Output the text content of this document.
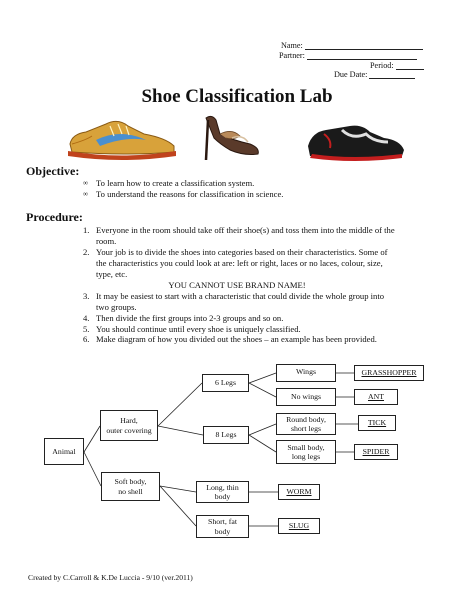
Name:
Partner:
Period:
Due Date:
Shoe Classification Lab
Objective:
∞ To learn how to create a classification system.
∞ To understand the reasons for classification in science.
Procedure:
1. Everyone in the room should take off their shoe(s) and toss them into the middle of the
room.
2. Your job is to divide the shoes into categories based on their characteristics. Some of
the characteristics you could look at are: left or right, laces or no laces, colour, size,
type, etc.
YOU CANNOT USE BRAND NAME!
3. It may be easiest to start with a characteristic that could divide the whole group into
two groups.
4. Then divide the first groups into 2-3 groups and so on.
5. You should continue until every shoe is uniquely classified.
6. Make diagram of how you divided out the shoes – an example has been provided.
Animal
Hard,
outer covering
Soft body,
no shell
6 Legs
8 Legs
Wings
No wings
Round body,
short legs
Small body,
long legs
Long, thin
body
Short, fat
body
GRASSHOPPER
ANT
TICK
SPIDER
WORM
SLUG
Created by C.Carroll & K.De Luccia - 9/10 (ver.2011)
